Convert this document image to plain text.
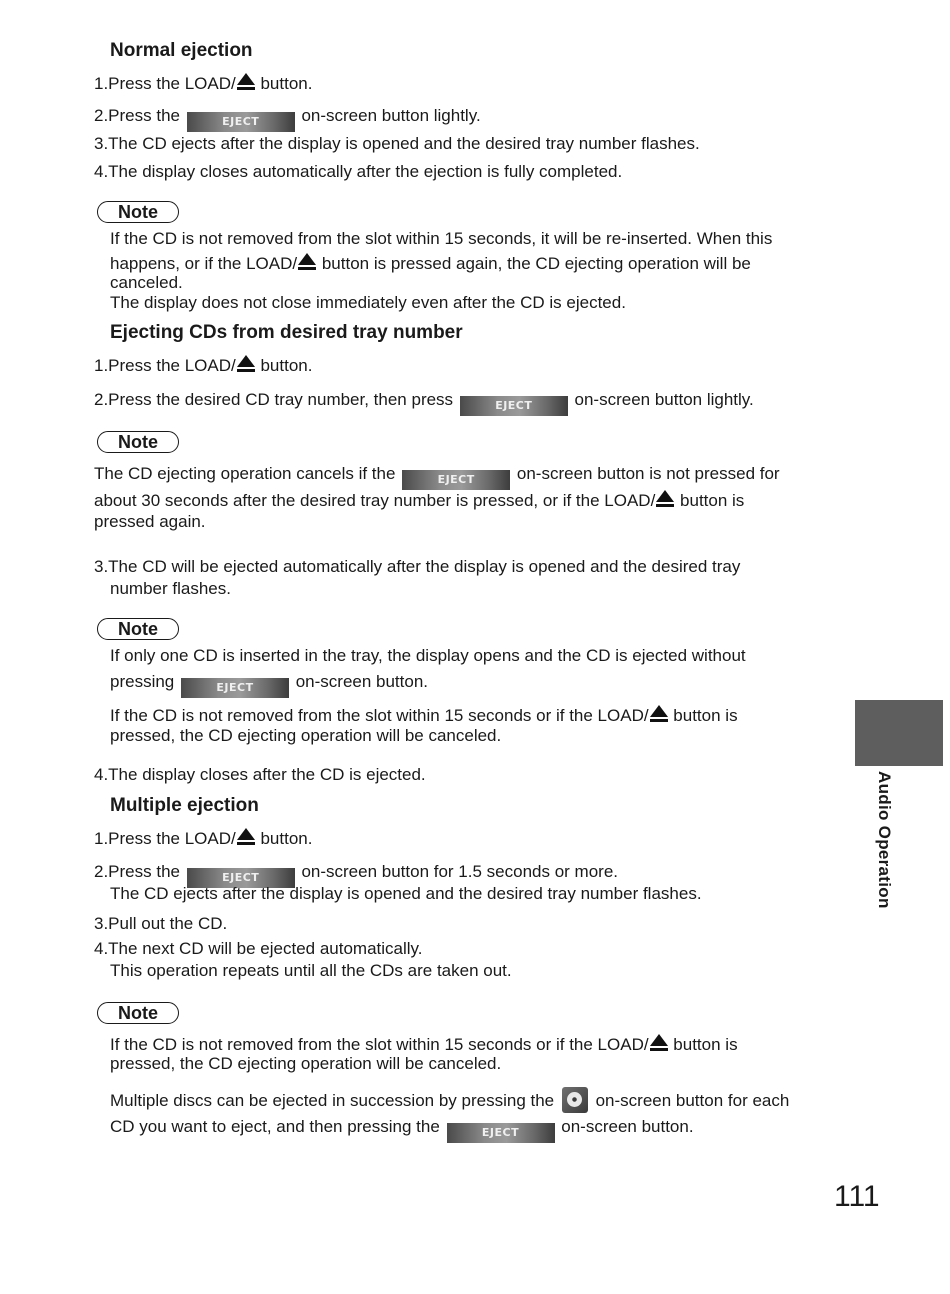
Normal ejection
1.Press the LOAD/
button.
2.Press the	EJECT on-screen button lightly.
3.The CD ejects after the display is opened and the desired tray number flashes.
4.The display closes automatically after the ejection is fully completed.
Note
If the CD is not removed from the slot within 15 seconds, it will be re-inserted. When this
happens, or if the LOAD/
button is pressed again, the CD ejecting operation will be
canceled.
The display does not close immediately even after the CD is ejected.
Ejecting CDs from desired tray number
1.Press the LOAD/
button.
2.Press the desired CD tray number, then press	EJECT on-screen button lightly.
Note
The CD ejecting operation cancels if the	EJECT on-screen button is not pressed for
about 30 seconds after the desired tray number is pressed, or if the LOAD/
button is
pressed again.
3.The CD will be ejected automatically after the display is opened and the desired tray
number flashes.
Note
If only one CD is inserted in the tray, the display opens and the CD is ejected without
pressing	EJECT on-screen button.
If the CD is not removed from the slot within 15 seconds or if the LOAD/
button is
pressed, the CD ejecting operation will be canceled.
4.The display closes after the CD is ejected.
Multiple ejection
1.Press the LOAD/
button.
2.Press the	EJECT on-screen button for 1.5 seconds or more.
The CD ejects after the display is opened and the desired tray number flashes.
3.Pull out the CD.
4.The next CD will be ejected automatically.
This operation repeats until all the CDs are taken out.
Note
If the CD is not removed from the slot within 15 seconds or if the LOAD/
button is
pressed, the CD ejecting operation will be canceled.
Multiple discs can be ejected in succession by pressing the
on-screen button for each
CD you want to eject, and then pressing the	EJECT on-screen button.
Audio Operation
111
